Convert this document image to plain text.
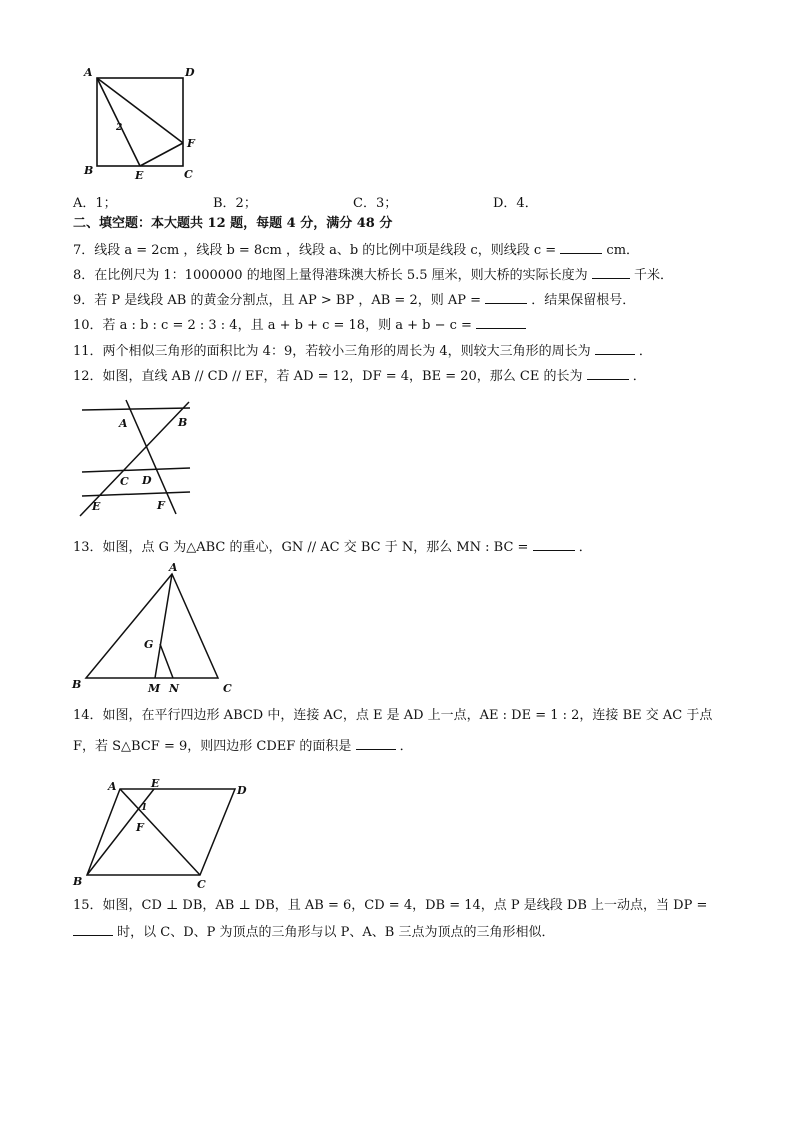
A	D
B	C
E
F
2
A．1；	B．2；	C．3；	D．4．
二、填空题：本大题共 12 题，每题 4 分，满分 48 分
7．线段 a = 2cm ，线段 b = 8cm ，线段 a、b 的比例中项是线段 c，则线段 c =	cm．
8．在比例尺为 1：1000000 的地图上量得港珠澳大桥长 5.5 厘米，则大桥的实际长度为	千米．
9．若 P 是线段 AB 的黄金分割点，且 AP > BP ，AB = 2，则 AP =	．结果保留根号．
10．若 a : b : c = 2 : 3 : 4，且 a + b + c = 18，则 a + b − c =
11．两个相似三角形的面积比为 4：9，若较小三角形的周长为 4，则较大三角形的周长为	．
12．如图，直线 AB // CD // EF，若 AD = 12，DF = 4，BE = 20，那么 CE 的长为	．
A	B
C D
E	F
13．如图，点 G 为△ABC 的重心，GN // AC 交 BC 于 N，那么 MN : BC =	．
A
B	C
G
M N
14．如图，在平行四边形 ABCD 中，连接 AC，点 E 是 AD 上一点，AE : DE = 1 : 2，连接 BE 交 AC 于点
F，若 S△BCF = 9，则四边形 CDEF 的面积是	．
A	E
D
B	C
F
1
15．如图，CD ⊥ DB，AB ⊥ DB，且 AB = 6，CD = 4，DB = 14，点 P 是线段 DB 上一动点，当 DP =
时，以 C、D、P 为顶点的三角形与以 P、A、B 三点为顶点的三角形相似．
